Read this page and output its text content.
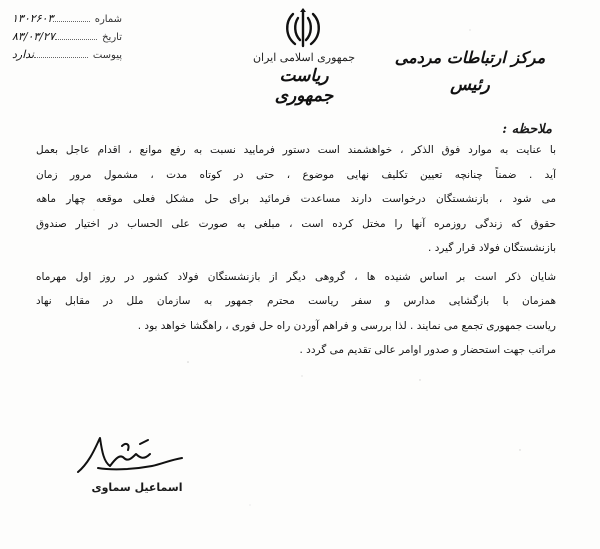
جمهوری اسلامی ایران
ریاست جمهوری
مرکز ارتباطات مردمی
رئیس
شماره
۱۳۰۲۶۰۳
تاریخ
۸۳/۰۳/۲۷
پیوست
ندارد
ملاحظه :
با عنایت به موارد فوق الذکر ، خواهشمند است دستور فرمایید نسبت به رفع موانع ، اقدام عاجل بعمل
آید . ضمناً چنانچه تعیین تکلیف نهایی موضوع ، حتی در کوتاه مدت ، مشمول مرور زمان
می شود ، بازنشستگان درخواست دارند مساعدت فرمائید برای حل مشکل فعلی موقعه چهار ماهه
حقوق که زندگی روزمره آنها را مختل کرده است ، مبلغی به صورت علی الحساب در اختیار صندوق
بازنشستگان فولاد قرار گیرد .
شایان ذکر است بر اساس شنیده ها ، گروهی دیگر از بازنشستگان فولاد کشور در روز اول مهرماه
همزمان با بازگشایی مدارس و سفر ریاست محترم جمهور به سازمان ملل در مقابل نهاد
ریاست جمهوری تجمع می نمایند . لذا بررسی و فراهم آوردن راه حل فوری ، راهگشا خواهد بود .
مراتب جهت استحضار و صدور اوامر عالی تقدیم می گردد .
اسماعیل سماوی
